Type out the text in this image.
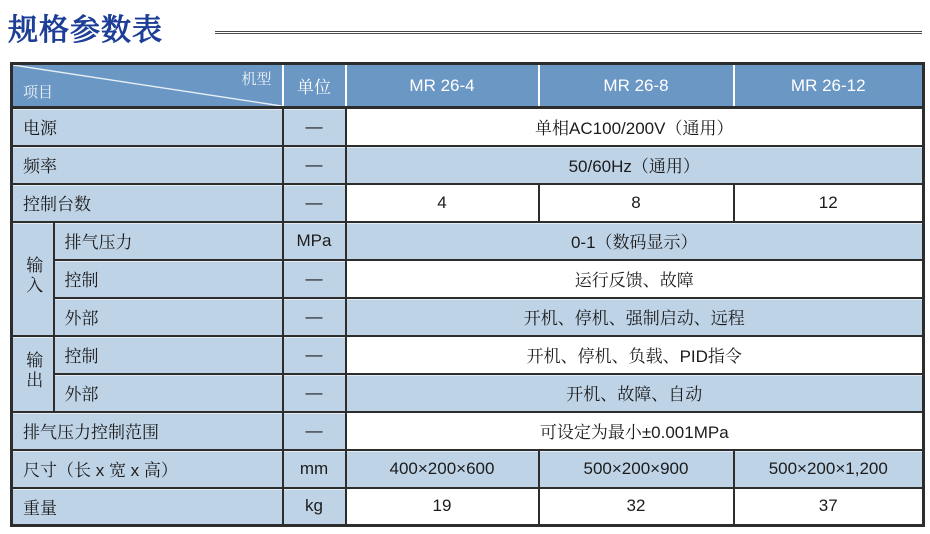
规格参数表
机型
项目		单位	MR 26-4	MR 26-8	MR 26-12
电源		—	单相AC100/200V（通用）		
频率		—	50/60Hz（通用）		
控制台数		—	4	8	12
输入	排气压力	MPa	0-1（数码显示）		
	控制	—	运行反馈、故障		
	外部	—	开机、停机、强制启动、远程		
输出	控制	—	开机、停机、负载、PID指令		
	外部	—	开机、故障、自动		
排气压力控制范围		—	可设定为最小±0.001MPa		
尺寸（长 x 宽 x 高）		mm	400×200×600	500×200×900	500×200×1,200
重量		kg	19	32	37
